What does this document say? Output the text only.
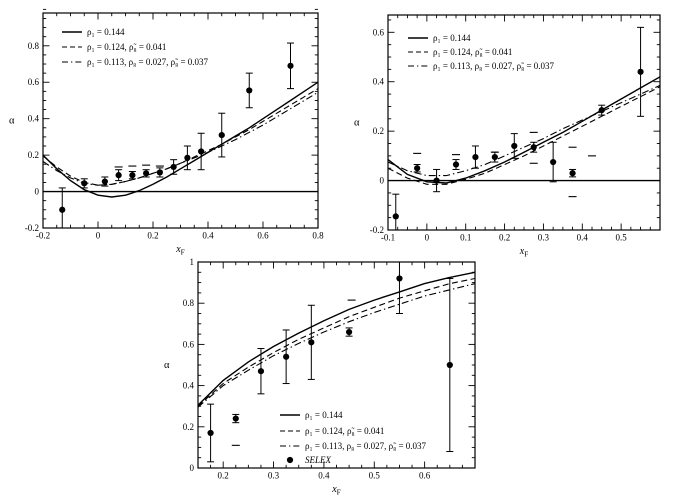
-0.2	0	0.2	0.4	0.6	0.8
-0.2
0
0.2
0.4
0.6
0.8
ρ₁ = 0.144
ρ₁ = 0.124, ρ̃₈ = 0.041
ρ₁ = 0.113, ρ₈ = 0.027, ρ̃₈ = 0.037
$x_F$
α
-0.1	0	0.1	0.2	0.3	0.4	0.5
-0.2
0
0.2
0.4
0.6
ρ₁ = 0.144
ρ₁ = 0.124, ρ̃₈ = 0.041
ρ₁ = 0.113, ρ₈ = 0.027, ρ̃₈ = 0.037
$x_F$
α
0.2	0.3	0.4	0.5	0.6
0
0.2
0.4
0.6
0.8
1
ρ₁ = 0.144
ρ₁ = 0.124, ρ̃₈ = 0.041
ρ₁ = 0.113, ρ₈ = 0.027, ρ̃₈ = 0.037
SELEX
$x_F$
α
